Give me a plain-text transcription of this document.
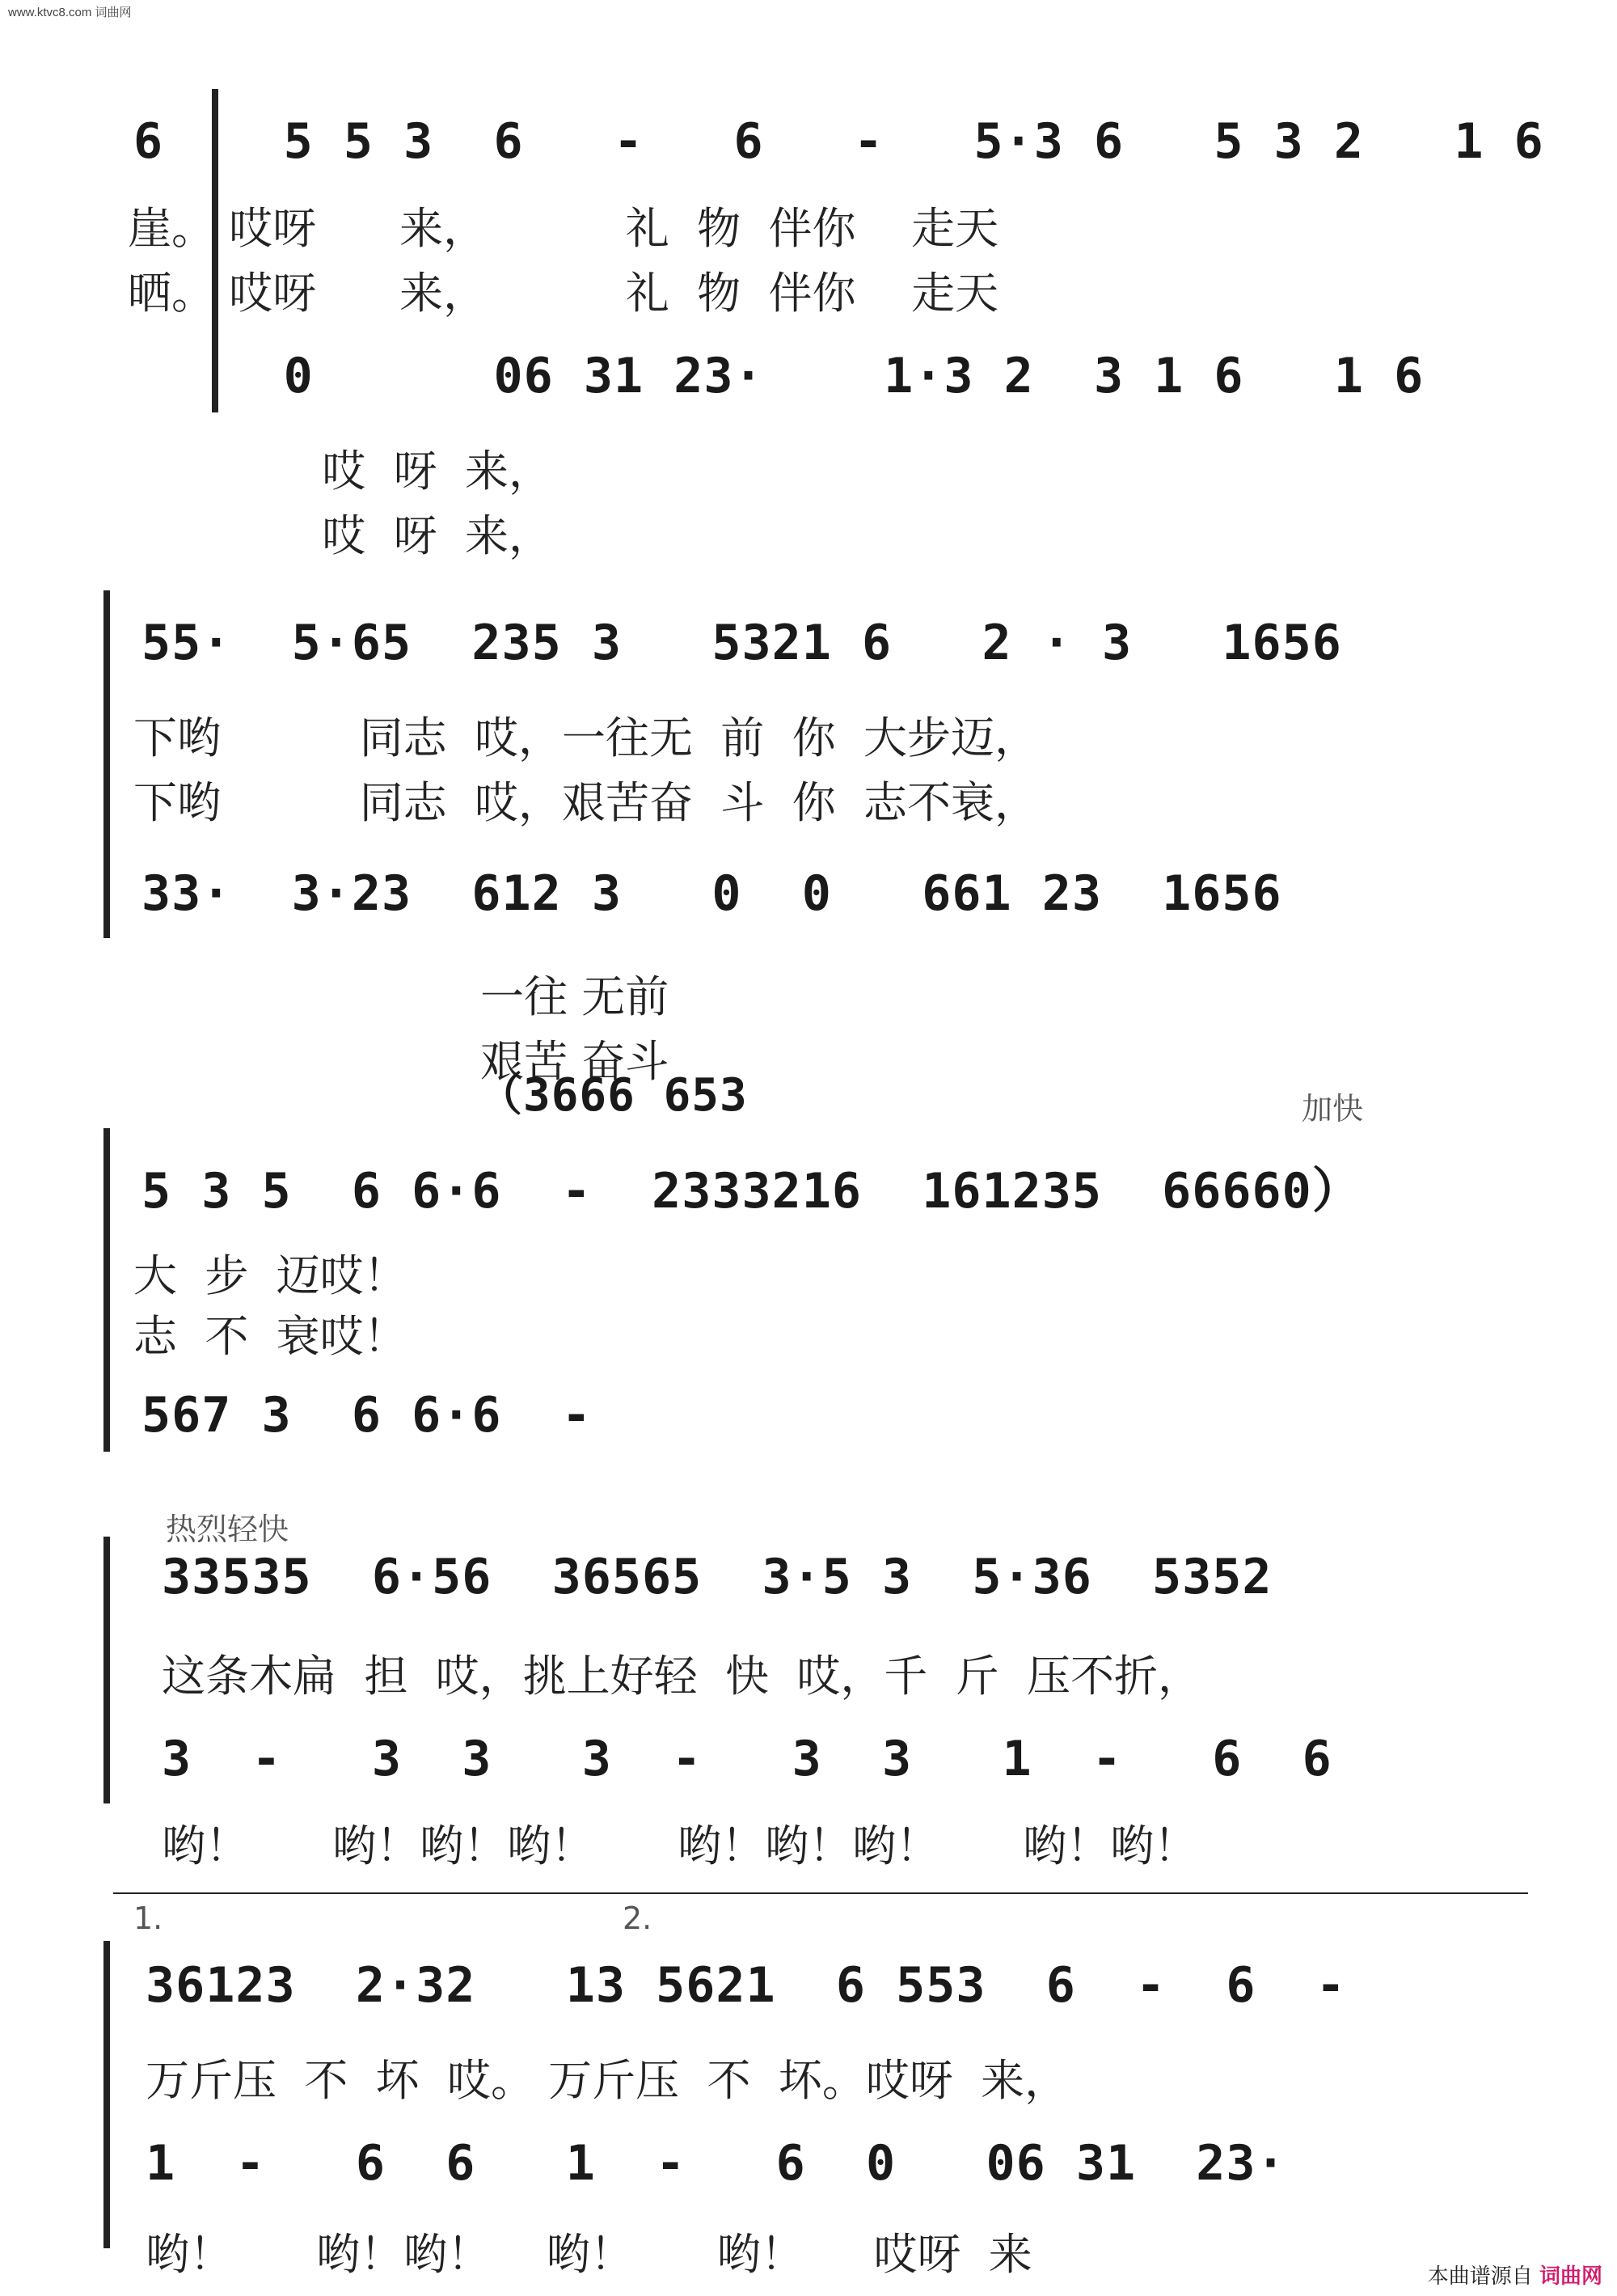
www.ktvc8.com 词曲网
6    5 5 3  6   -   6   -   5·3 6   5 3 2   1 6
崖。 哎呀      来，          礼  物  伴你    走天
晒。 哎呀      来，          礼  物  伴你    走天
0      06 31 23·    1·3 2  3 1 6   1 6
哎  呀  来，
哎  呀  来，
55·  5·65  235 3   5321 6   2 · 3   1656
下哟          同志  哎，一往无  前  你  大步迈，
下哟          同志  哎，艰苦奋  斗  你  志不衰，
33·  3·23  612 3   0  0   661 23  1656
一往 无前
艰苦 奋斗
（3666 653	加快
5 3 5  6 6·6  -  2333216  161235  66660）
大  步  迈哎！
志  不  衰哎！
567 3  6 6·6  -
热烈轻快
33535  6·56  36565  3·5 3  5·36  5352
这条木扁  担  哎，挑上好轻  快  哎，千  斤  压不折，
3  -   3  3   3  -   3  3   1  -   6  6
哟！      哟！哟！哟！      哟！哟！哟！      哟！哟！
1.	2.
36123  2·32   13 5621  6 553  6  -  6  -
万斤压  不  坏  哎。 万斤压  不  坏。哎呀  来，
1  -   6  6   1  -   6  0   06 31  23·
哟！      哟！哟！    哟！      哟！     哎呀  来	本曲谱源自 词曲网
